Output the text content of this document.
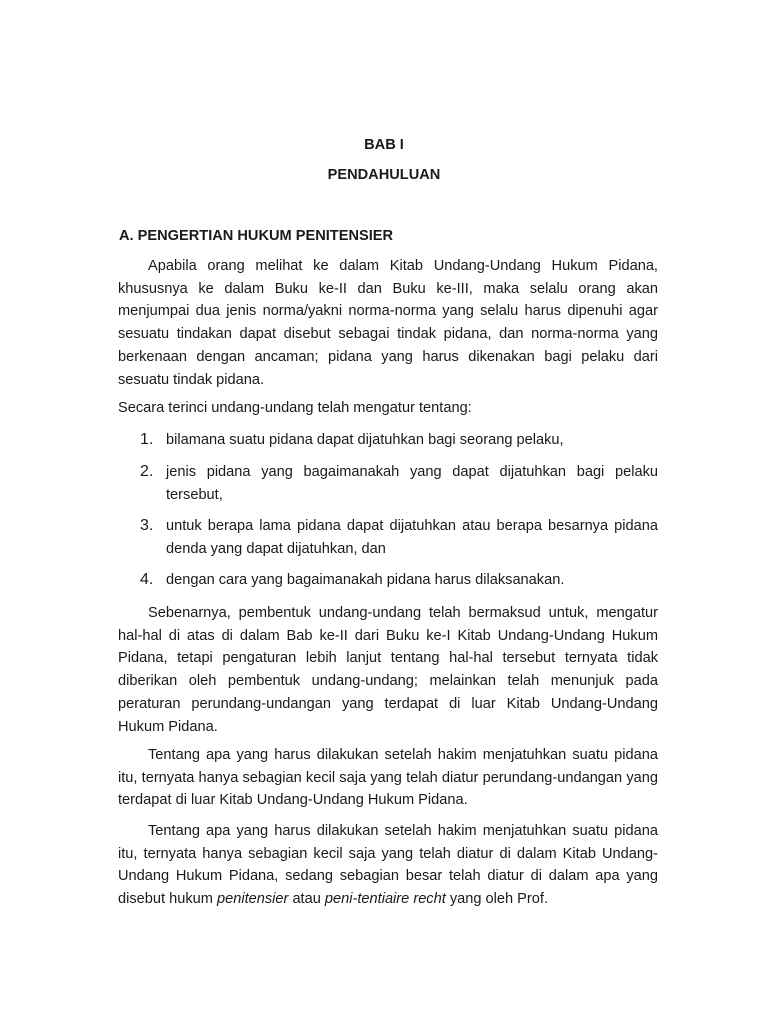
BAB I
PENDAHULUAN
A. PENGERTIAN HUKUM PENITENSIER

Apabila orang melihat ke dalam Kitab Undang-Undang Hukum Pidana, khususnya ke dalam Buku ke-II dan Buku ke-III, maka selalu orang akan menjumpai dua jenis norma/yakni norma-norma yang selalu harus dipenuhi agar sesuatu tindakan dapat disebut sebagai tindak pidana, dan norma-norma yang berkenaan dengan ancaman; pidana yang harus dikenakan bagi pelaku dari sesuatu tindak pidana.

Secara terinci undang-undang telah mengatur tentang:

1. bilamana suatu pidana dapat dijatuhkan bagi seorang pelaku,

2. jenis pidana yang bagaimanakah yang dapat dijatuhkan bagi pelaku tersebut,

3. untuk berapa lama pidana dapat dijatuhkan atau berapa besarnya pidana denda yang dapat dijatuhkan, dan

4. dengan cara yang bagaimanakah pidana harus dilaksanakan.

Sebenarnya, pembentuk undang-undang telah bermaksud untuk, mengatur hal-hal di atas di dalam Bab ke-II dari Buku ke-I Kitab Undang-Undang Hukum Pidana, tetapi pengaturan lebih lanjut tentang hal-hal tersebut ternyata tidak diberikan oleh pembentuk undang-undang; melainkan telah menunjuk pada peraturan perundang-undangan yang terdapat di luar Kitab Undang-Undang Hukum Pidana.

Tentang apa yang harus dilakukan setelah hakim menjatuhkan suatu pidana itu, ternyata hanya sebagian kecil saja yang telah diatur perundang-undangan yang terdapat di luar Kitab Undang-Undang Hukum Pidana.

Tentang apa yang harus dilakukan setelah hakim menjatuhkan suatu pidana itu, ternyata hanya sebagian kecil saja yang telah diatur di dalam Kitab Undang-Undang Hukum Pidana, sedang sebagian besar telah diatur di dalam apa yang disebut hukum penitensier atau peni-tentiaire recht yang oleh Prof.
